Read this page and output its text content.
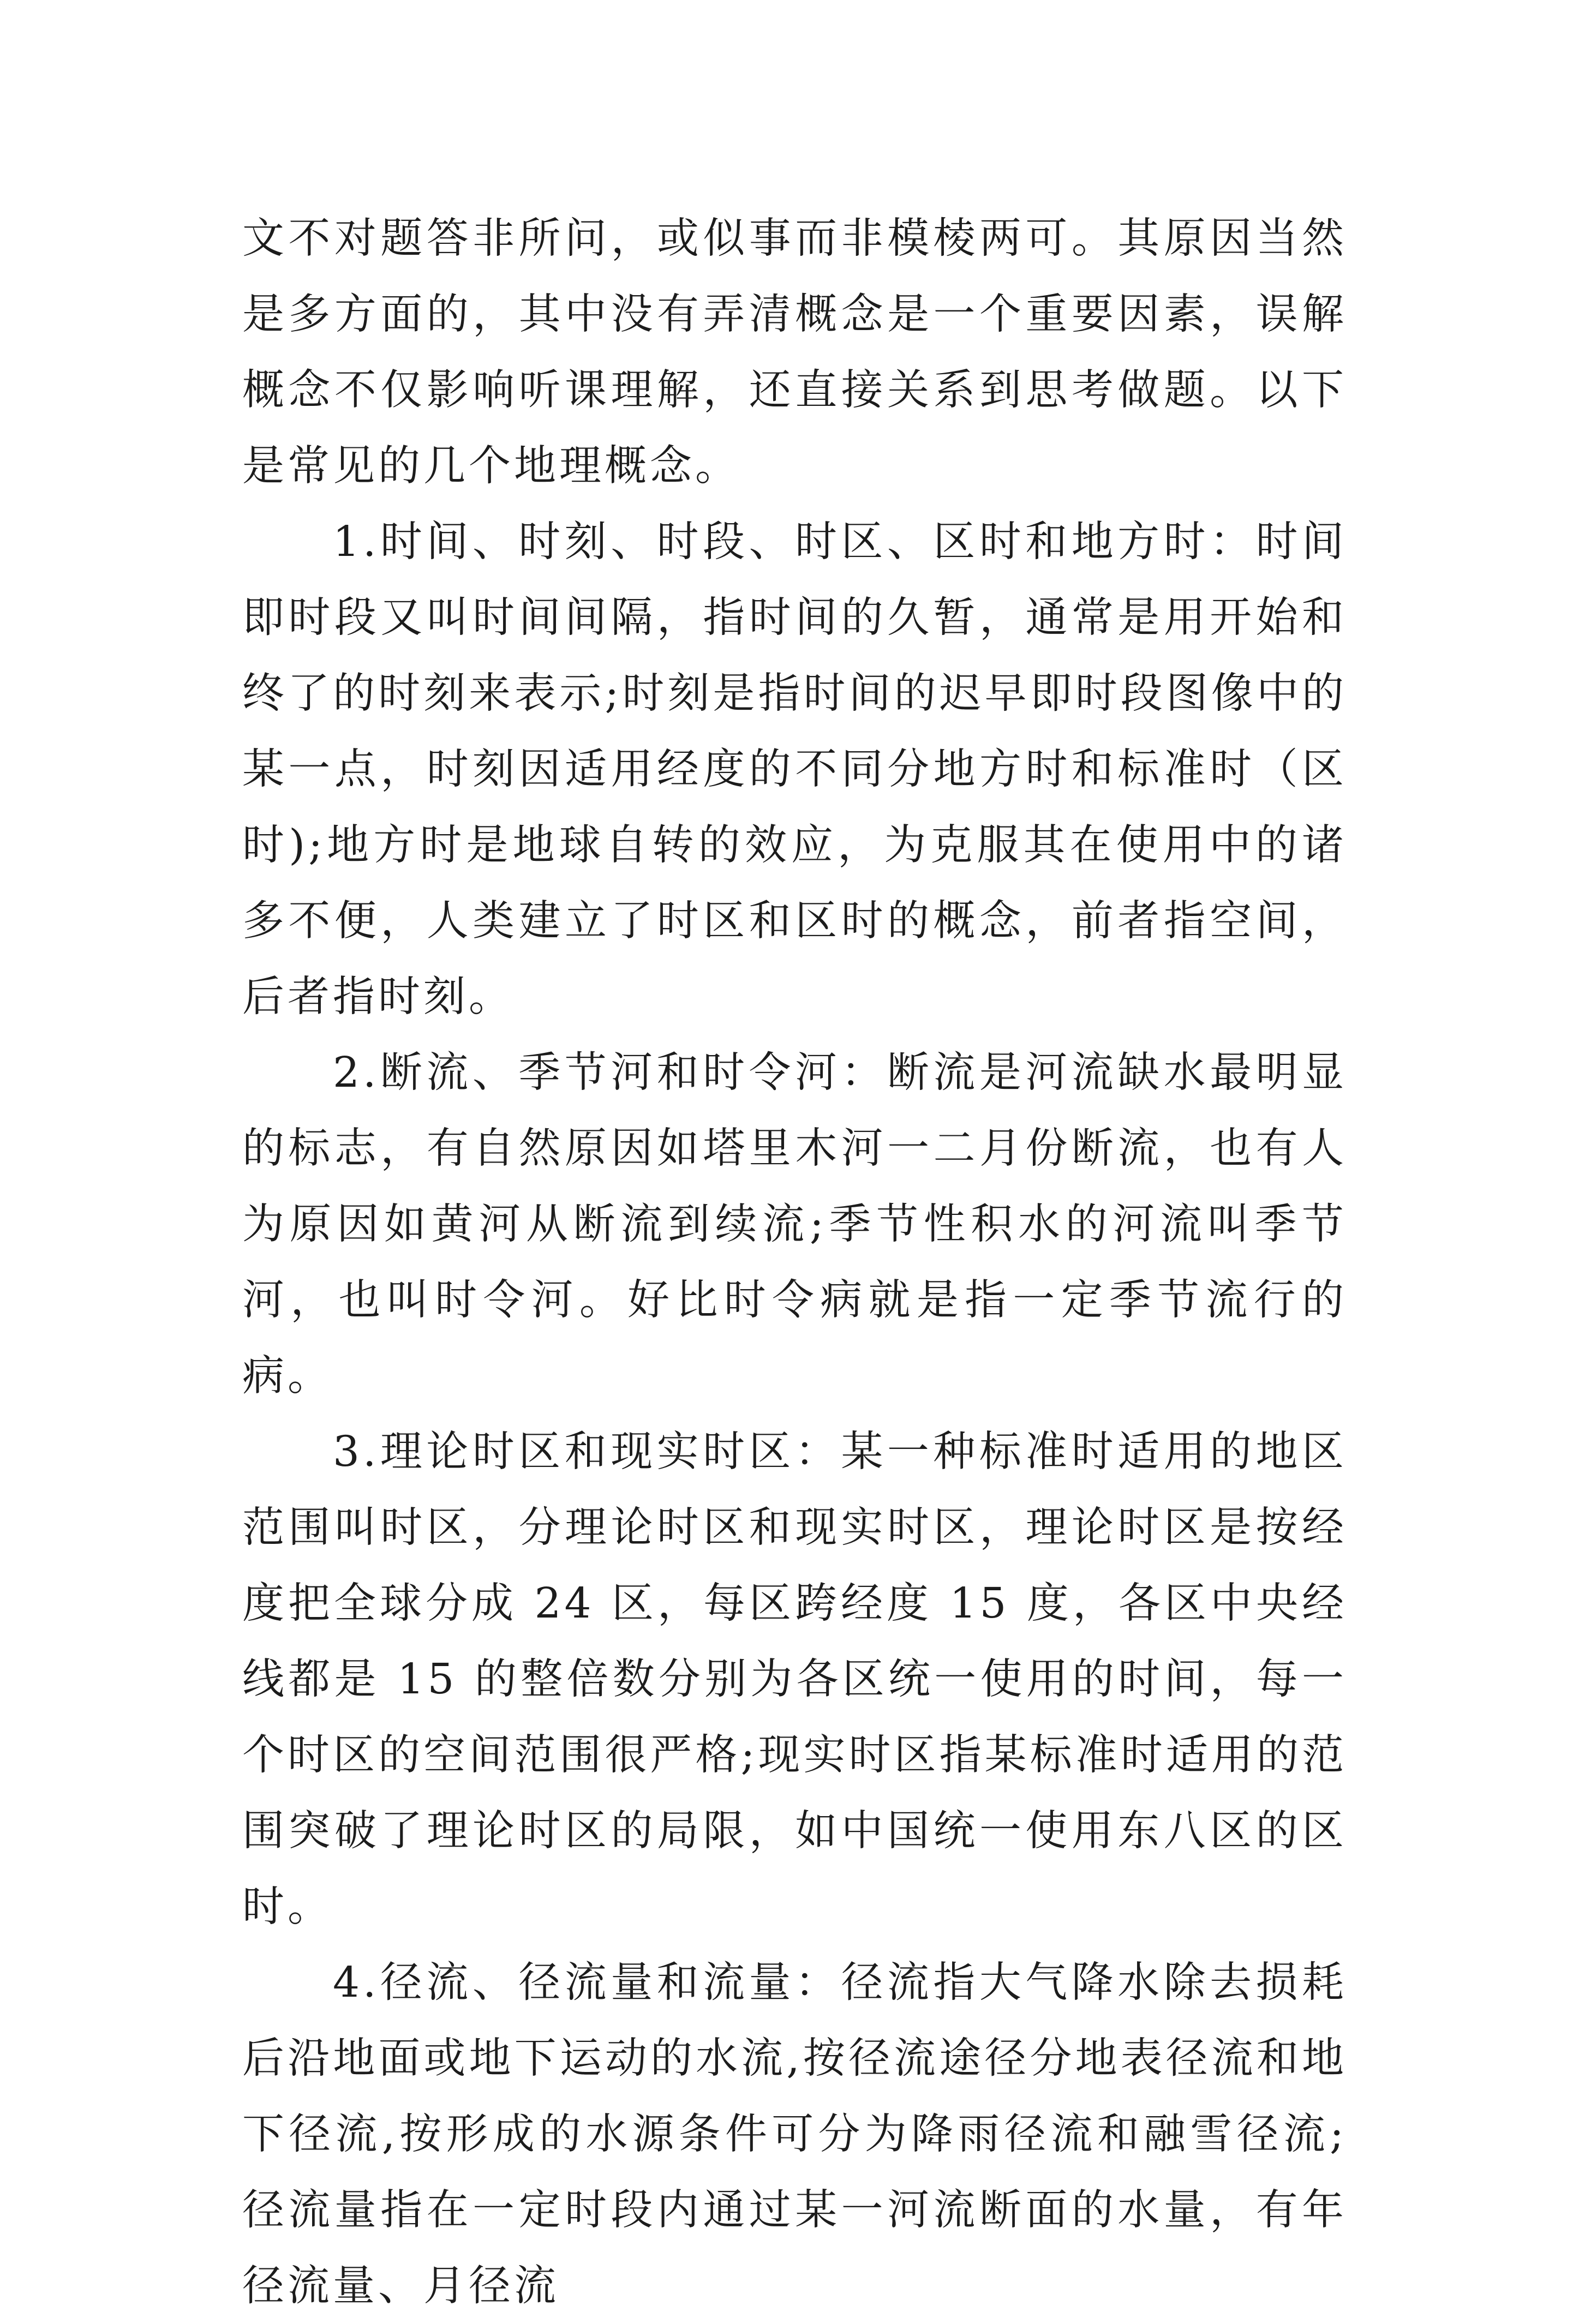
文不对题答非所问，或似事而非模棱两可。其原因当然是多方面的，其中没有弄清概念是一个重要因素，误解概念不仅影响听课理解，还直接关系到思考做题。以下是常见的几个地理概念。

1.时间、时刻、时段、时区、区时和地方时：时间即时段又叫时间间隔，指时间的久暂，通常是用开始和终了的时刻来表示;时刻是指时间的迟早即时段图像中的某一点，时刻因适用经度的不同分地方时和标准时（区时);地方时是地球自转的效应，为克服其在使用中的诸多不便，人类建立了时区和区时的概念，前者指空间，后者指时刻。

2.断流、季节河和时令河：断流是河流缺水最明显的标志，有自然原因如塔里木河一二月份断流，也有人为原因如黄河从断流到续流;季节性积水的河流叫季节河，也叫时令河。好比时令病就是指一定季节流行的病。

3.理论时区和现实时区：某一种标准时适用的地区范围叫时区，分理论时区和现实时区，理论时区是按经度把全球分成 24 区，每区跨经度 15 度，各区中央经线都是 15 的整倍数分别为各区统一使用的时间，每一个时区的空间范围很严格;现实时区指某标准时适用的范围突破了理论时区的局限，如中国统一使用东八区的区时。

4.径流、径流量和流量：径流指大气降水除去损耗后沿地面或地下运动的水流,按径流途径分地表径流和地下径流,按形成的水源条件可分为降雨径流和融雪径流;径流量指在一定时段内通过某一河流断面的水量，有年径流量、月径流
